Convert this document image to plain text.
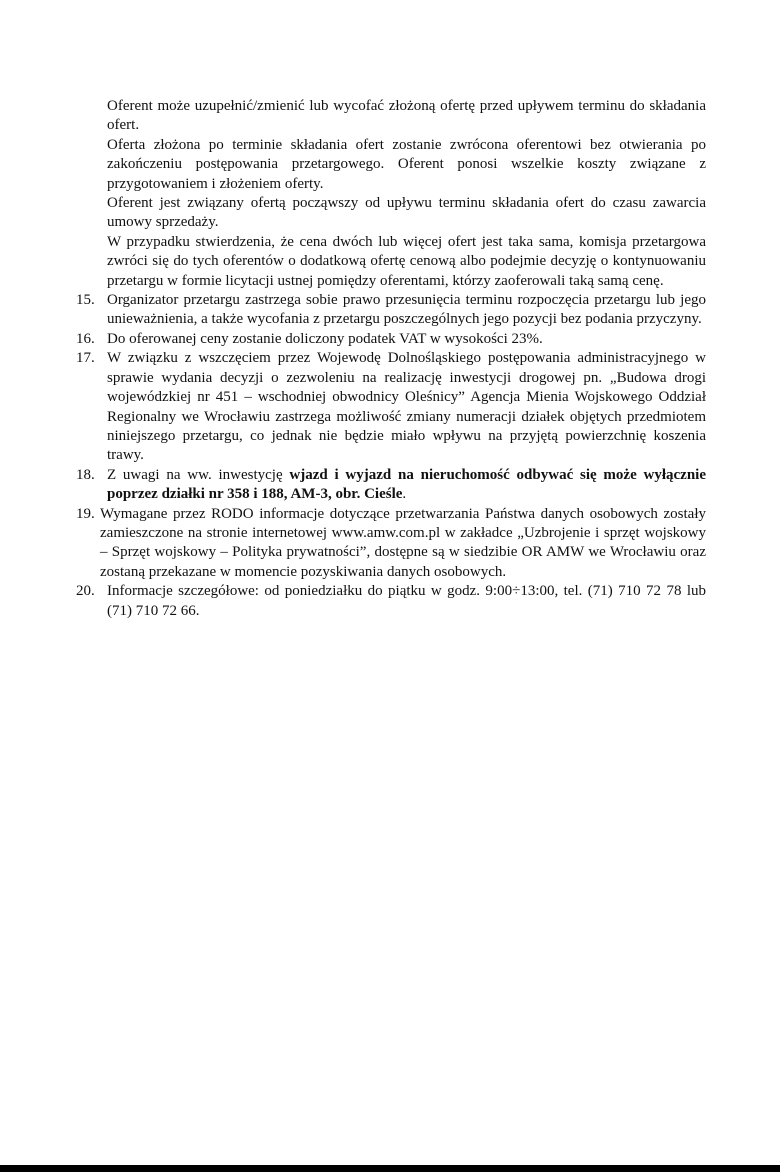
Oferent może uzupełnić/zmienić lub wycofać złożoną ofertę przed upływem terminu do składania ofert.

Oferta złożona po terminie składania ofert zostanie zwrócona oferentowi bez otwierania po zakończeniu postępowania przetargowego. Oferent ponosi wszelkie koszty związane z przygotowaniem i złożeniem oferty.

Oferent jest związany ofertą począwszy od upływu terminu składania ofert do czasu zawarcia umowy sprzedaży.

W przypadku stwierdzenia, że cena dwóch lub więcej ofert jest taka sama, komisja przetargowa zwróci się do tych oferentów o dodatkową ofertę cenową albo podejmie decyzję o kontynuowaniu przetargu w formie licytacji ustnej pomiędzy oferentami, którzy zaoferowali taką samą cenę.

15. Organizator przetargu zastrzega sobie prawo przesunięcia terminu rozpoczęcia przetargu lub jego unieważnienia, a także wycofania z przetargu poszczególnych jego pozycji bez podania przyczyny.
16. Do oferowanej ceny zostanie doliczony podatek VAT w wysokości 23%.
17. W związku z wszczęciem przez Wojewodę Dolnośląskiego postępowania administracyjnego w sprawie wydania decyzji o zezwoleniu na realizację inwestycji drogowej pn. „Budowa drogi wojewódzkiej nr 451 – wschodniej obwodnicy Oleśnicy” Agencja Mienia Wojskowego Oddział Regionalny we Wrocławiu zastrzega możliwość zmiany numeracji działek objętych przedmiotem niniejszego przetargu, co jednak nie będzie miało wpływu na przyjętą powierzchnię koszenia trawy.
18. Z uwagi na ww. inwestycję wjazd i wyjazd na nieruchomość odbywać się może wyłącznie poprzez działki nr 358 i 188, AM-3, obr. Cieśle.
19. Wymagane przez RODO informacje dotyczące przetwarzania Państwa danych osobowych zostały zamieszczone na stronie internetowej www.amw.com.pl w zakładce „Uzbrojenie i sprzęt wojskowy – Sprzęt wojskowy – Polityka prywatności”, dostępne są w siedzibie OR AMW we Wrocławiu oraz zostaną przekazane w momencie pozyskiwania danych osobowych.
20. Informacje szczegółowe: od poniedziałku do piątku w godz. 9:00÷13:00, tel. (71) 710 72 78 lub (71) 710 72 66.
